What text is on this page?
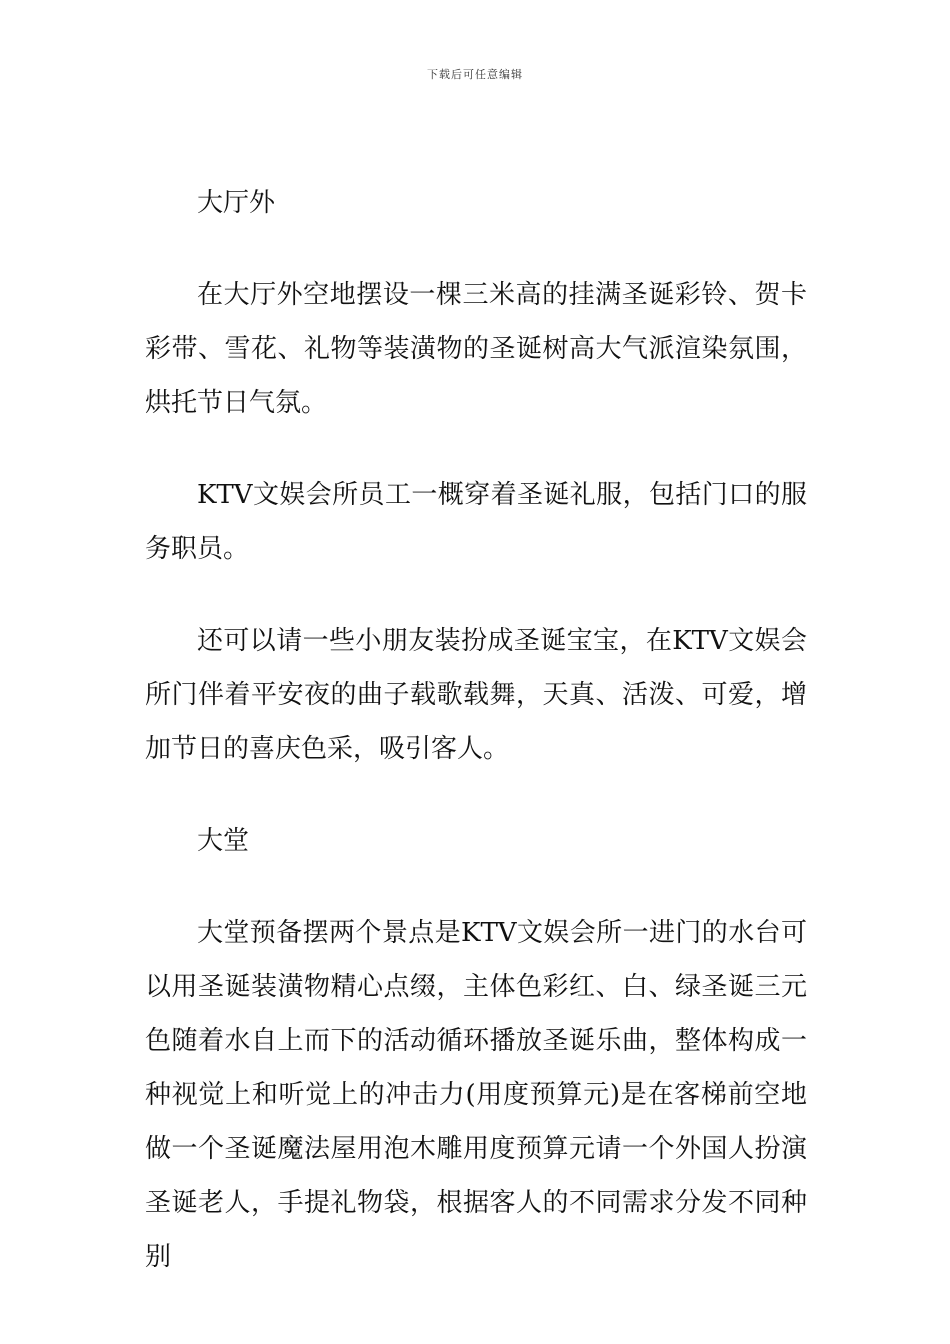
下载后可任意编辑

大厅外

在大厅外空地摆设一棵三米高的挂满圣诞彩铃、贺卡彩带、雪花、礼物等装潢物的圣诞树高大气派渲染氛围，烘托节日气氛。

KTV文娱会所员工一概穿着圣诞礼服，包括门口的服务职员。

还可以请一些小朋友装扮成圣诞宝宝，在KTV文娱会所门伴着平安夜的曲子载歌载舞，天真、活泼、可爱，增加节日的喜庆色采，吸引客人。

大堂

大堂预备摆两个景点是KTV文娱会所一进门的水台可以用圣诞装潢物精心点缀，主体色彩红、白、绿圣诞三元色随着水自上而下的活动循环播放圣诞乐曲，整体构成一种视觉上和听觉上的冲击力(用度预算元)是在客梯前空地做一个圣诞魔法屋用泡木雕用度预算元请一个外国人扮演圣诞老人，手提礼物袋，根据客人的不同需求分发不同种别
